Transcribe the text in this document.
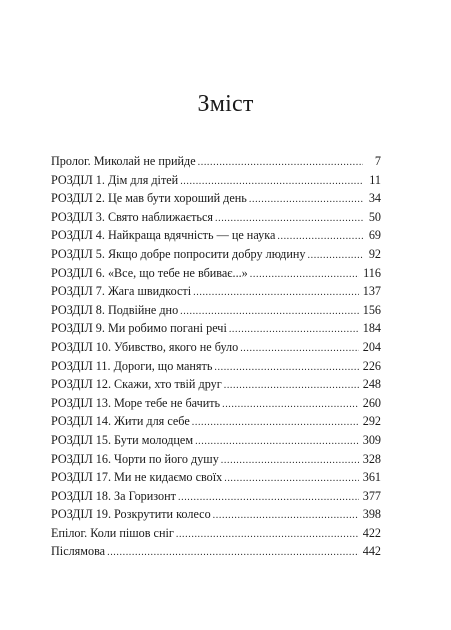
Зміст
Пролог. Миколай не прийде .....	7
РОЗДІЛ 1. Дім для дітей .....	11
РОЗДІЛ 2. Це мав бути хороший день .....	34
РОЗДІЛ 3. Свято наближається .....	50
РОЗДІЛ 4. Найкраща вдячність — це наука .....	69
РОЗДІЛ 5. Якщо добре попросити добру людину .....	92
РОЗДІЛ 6. «Все, що тебе не вбиває...» .....	116
РОЗДІЛ 7. Жага швидкості .....	137
РОЗДІЛ 8. Подвійне дно .....	156
РОЗДІЛ 9. Ми робимо погані речі .....	184
РОЗДІЛ 10. Убивство, якого не було .....	204
РОЗДІЛ 11. Дороги, що манять .....	226
РОЗДІЛ 12. Скажи, хто твій друг .....	248
РОЗДІЛ 13. Море тебе не бачить .....	260
РОЗДІЛ 14. Жити для себе .....	292
РОЗДІЛ 15. Бути молодцем .....	309
РОЗДІЛ 16. Чорти по його душу .....	328
РОЗДІЛ 17. Ми не кидаємо своїх .....	361
РОЗДІЛ 18. За Горизонт .....	377
РОЗДІЛ 19. Розкрутити колесо .....	398
Епілог. Коли пішов сніг .....	422
Післямова .....	442
